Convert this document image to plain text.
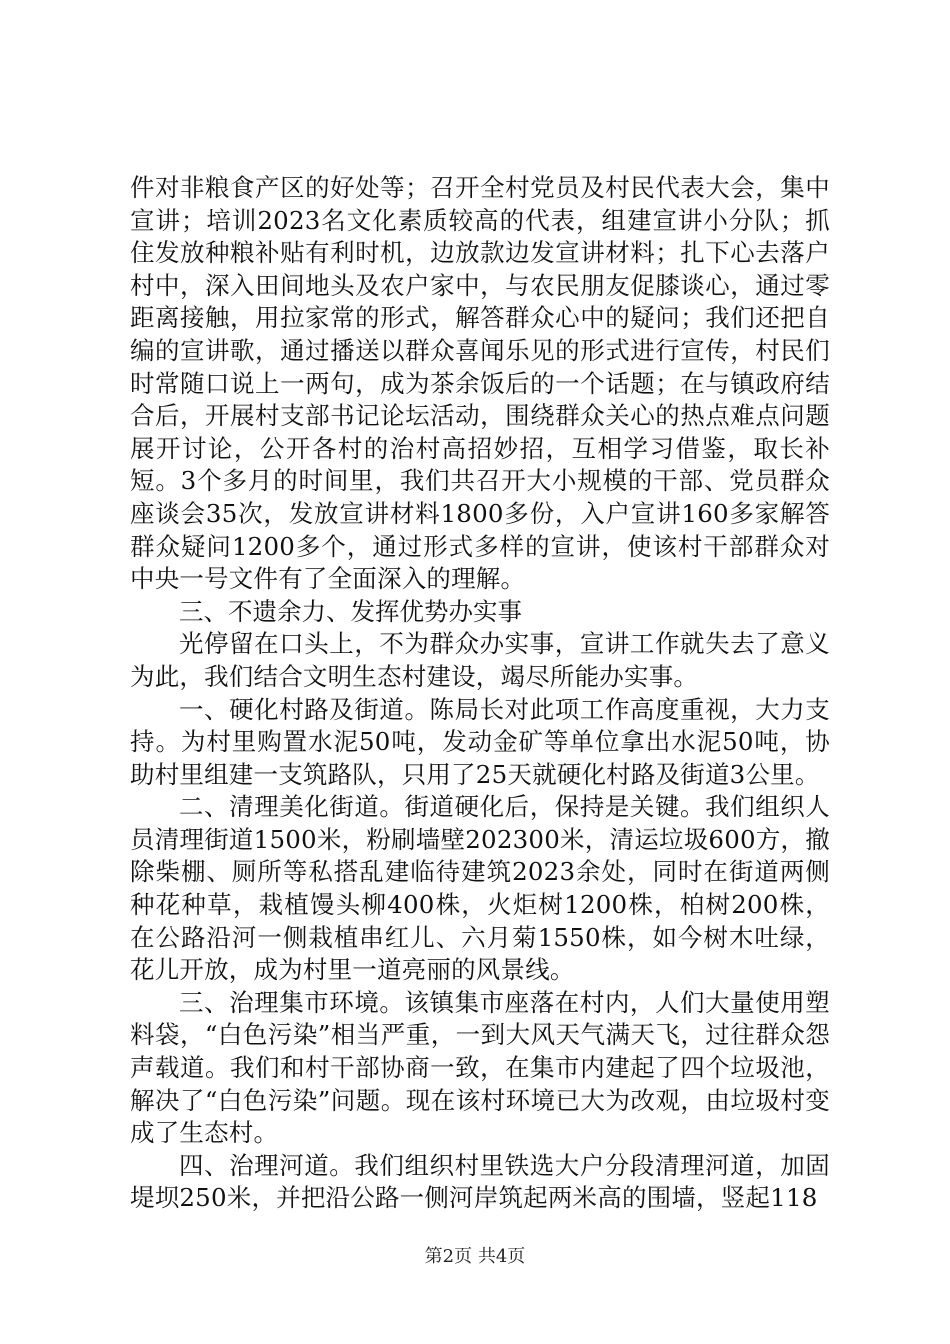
件对非粮食产区的好处等；召开全村党员及村民代表大会，集中宣讲；培训2023名文化素质较高的代表，组建宣讲小分队；抓住发放种粮补贴有利时机，边放款边发宣讲材料；扎下心去落户村中，深入田间地头及农户家中，与农民朋友促膝谈心，通过零距离接触，用拉家常的形式，解答群众心中的疑问；我们还把自编的宣讲歌，通过播送以群众喜闻乐见的形式进行宣传，村民们时常随口说上一两句，成为茶余饭后的一个话题；在与镇政府结合后，开展村支部书记论坛活动，围绕群众关心的热点难点问题展开讨论，公开各村的治村高招妙招，互相学习借鉴，取长补短。3个多月的时间里，我们共召开大小规模的干部、党员群众座谈会35次，发放宣讲材料1800多份，入户宣讲160多家解答群众疑问1200多个，通过形式多样的宣讲，使该村干部群众对中央一号文件有了全面深入的理解。

三、不遗余力、发挥优势办实事

光停留在口头上，不为群众办实事，宣讲工作就失去了意义为此，我们结合文明生态村建设，竭尽所能办实事。

一、硬化村路及街道。陈局长对此项工作高度重视，大力支持。为村里购置水泥50吨，发动金矿等单位拿出水泥50吨，协助村里组建一支筑路队，只用了25天就硬化村路及街道3公里。

二、清理美化街道。街道硬化后，保持是关键。我们组织人员清理街道1500米，粉刷墙壁202300米，清运垃圾600方，撤除柴棚、厕所等私搭乱建临待建筑2023余处，同时在街道两侧种花种草，栽植馒头柳400株，火炬树1200株，柏树200株，在公路沿河一侧栽植串红儿、六月菊1550株，如今树木吐绿，花儿开放，成为村里一道亮丽的风景线。

三、治理集市环境。该镇集市座落在村内，人们大量使用塑料袋，“白色污染”相当严重，一到大风天气满天飞，过往群众怨声载道。我们和村干部协商一致，在集市内建起了四个垃圾池，解决了“白色污染”问题。现在该村环境已大为改观，由垃圾村变成了生态村。

四、治理河道。我们组织村里铁选大户分段清理河道，加固堤坝250米，并把沿公路一侧河岸筑起两米高的围墙，竖起118

第2页 共4页
